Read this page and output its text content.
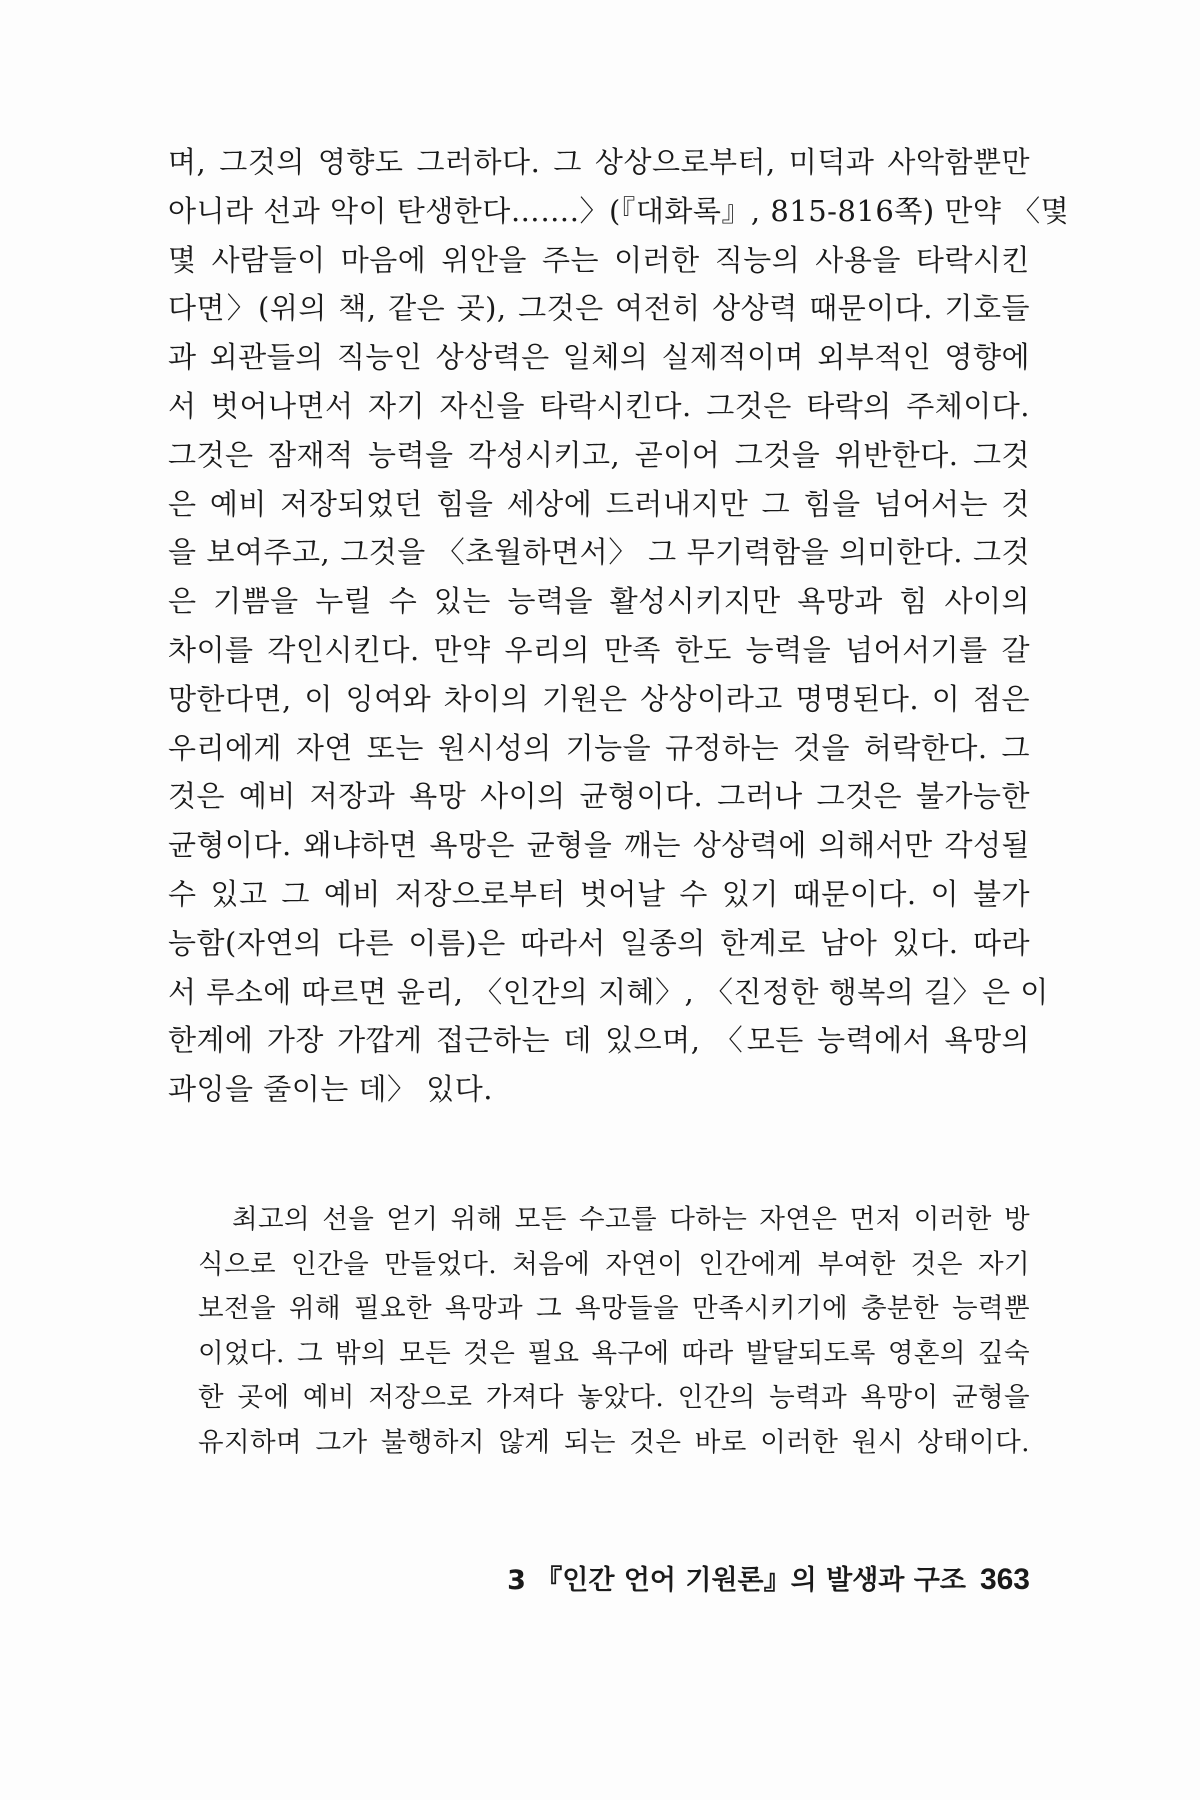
며, 그것의 영향도 그러하다. 그 상상으로부터, 미덕과 사악함뿐만
아니라 선과 악이 탄생한다…….〉(『대화록』, 815-816쪽) 만약 〈몇
몇 사람들이 마음에 위안을 주는 이러한 직능의 사용을 타락시킨
다면〉(위의 책, 같은 곳), 그것은 여전히 상상력 때문이다. 기호들
과 외관들의 직능인 상상력은 일체의 실제적이며 외부적인 영향에
서 벗어나면서 자기 자신을 타락시킨다. 그것은 타락의 주체이다.
그것은 잠재적 능력을 각성시키고, 곧이어 그것을 위반한다. 그것
은 예비 저장되었던 힘을 세상에 드러내지만 그 힘을 넘어서는 것
을 보여주고, 그것을 〈초월하면서〉 그 무기력함을 의미한다. 그것
은 기쁨을 누릴 수 있는 능력을 활성시키지만 욕망과 힘 사이의
차이를 각인시킨다. 만약 우리의 만족 한도 능력을 넘어서기를 갈
망한다면, 이 잉여와 차이의 기원은 상상이라고 명명된다. 이 점은
우리에게 자연 또는 원시성의 기능을 규정하는 것을 허락한다. 그
것은 예비 저장과 욕망 사이의 균형이다. 그러나 그것은 불가능한
균형이다. 왜냐하면 욕망은 균형을 깨는 상상력에 의해서만 각성될
수 있고 그 예비 저장으로부터 벗어날 수 있기 때문이다. 이 불가
능함(자연의 다른 이름)은 따라서 일종의 한계로 남아 있다. 따라
서 루소에 따르면 윤리, 〈인간의 지혜〉, 〈진정한 행복의 길〉은 이
한계에 가장 가깝게 접근하는 데 있으며, 〈모든 능력에서 욕망의
과잉을 줄이는 데〉 있다.
최고의 선을 얻기 위해 모든 수고를 다하는 자연은 먼저 이러한 방
식으로 인간을 만들었다. 처음에 자연이 인간에게 부여한 것은 자기
보전을 위해 필요한 욕망과 그 욕망들을 만족시키기에 충분한 능력뿐
이었다. 그 밖의 모든 것은 필요 욕구에 따라 발달되도록 영혼의 깊숙
한 곳에 예비 저장으로 가져다 놓았다. 인간의 능력과 욕망이 균형을
유지하며 그가 불행하지 않게 되는 것은 바로 이러한 원시 상태이다.
3 『인간 언어 기원론』의 발생과 구조 363
